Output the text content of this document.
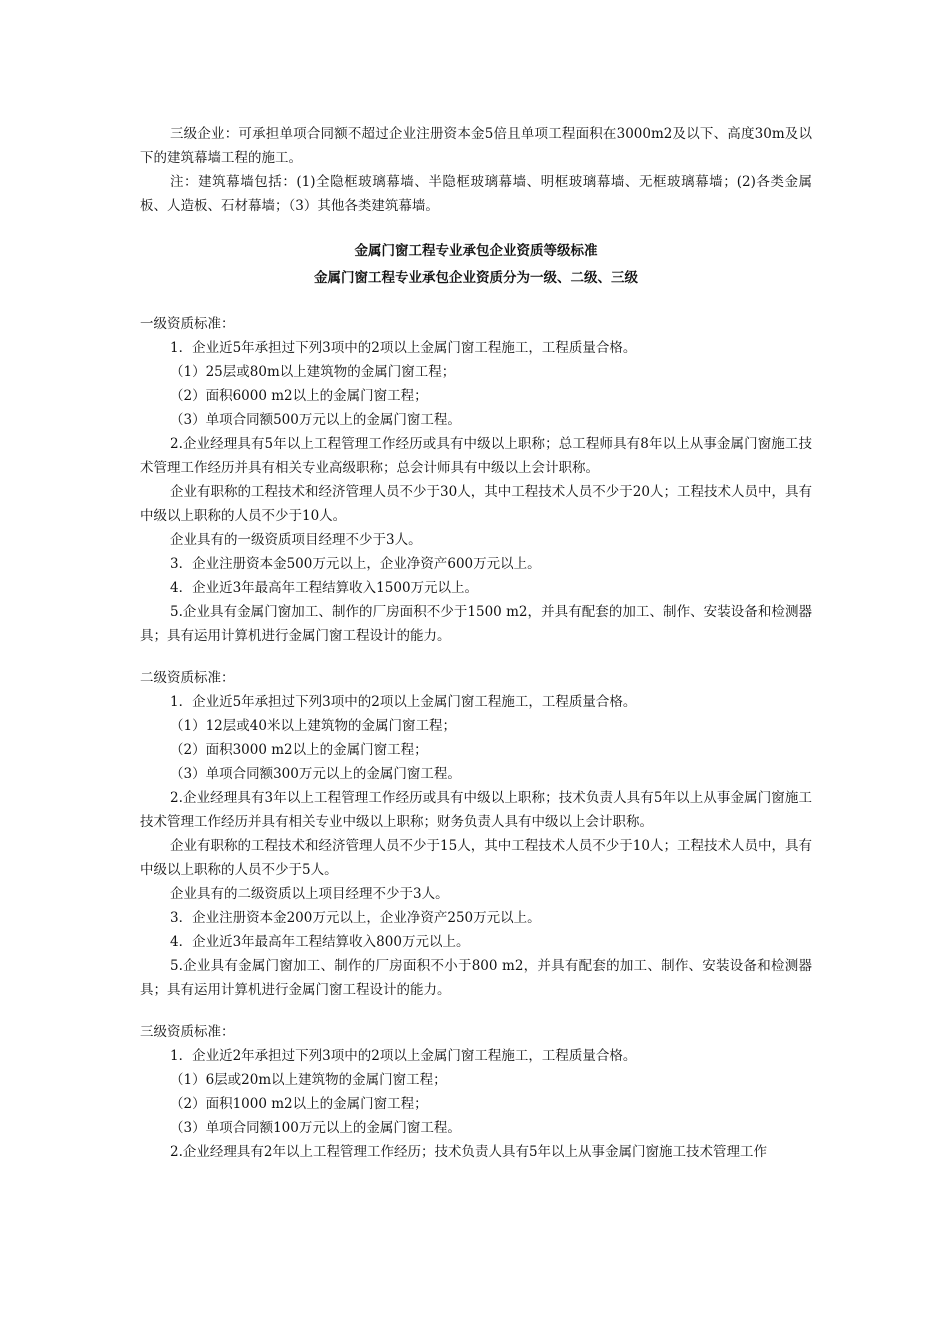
三级企业：可承担单项合同额不超过企业注册资本金5倍且单项工程面积在3000m2及以下、高度30m及以下的建筑幕墙工程的施工。

注：建筑幕墙包括：(1)全隐框玻璃幕墙、半隐框玻璃幕墙、明框玻璃幕墙、无框玻璃幕墙；(2)各类金属板、人造板、石材幕墙；（3）其他各类建筑幕墙。

金属门窗工程专业承包企业资质等级标准
金属门窗工程专业承包企业资质分为一级、二级、三级

一级资质标准：

1．企业近5年承担过下列3项中的2项以上金属门窗工程施工，工程质量合格。

（1）25层或80m以上建筑物的金属门窗工程；

（2）面积6000 m2以上的金属门窗工程；

（3）单项合同额500万元以上的金属门窗工程。

2.企业经理具有5年以上工程管理工作经历或具有中级以上职称；总工程师具有8年以上从事金属门窗施工技术管理工作经历并具有相关专业高级职称；总会计师具有中级以上会计职称。

企业有职称的工程技术和经济管理人员不少于30人，其中工程技术人员不少于20人；工程技术人员中，具有中级以上职称的人员不少于10人。

企业具有的一级资质项目经理不少于3人。

3．企业注册资本金500万元以上，企业净资产600万元以上。

4．企业近3年最高年工程结算收入1500万元以上。

5.企业具有金属门窗加工、制作的厂房面积不少于1500 m2，并具有配套的加工、制作、安装设备和检测器具；具有运用计算机进行金属门窗工程设计的能力。

二级资质标准：

1．企业近5年承担过下列3项中的2项以上金属门窗工程施工，工程质量合格。

（1）12层或40米以上建筑物的金属门窗工程；

（2）面积3000 m2以上的金属门窗工程；

（3）单项合同额300万元以上的金属门窗工程。

2.企业经理具有3年以上工程管理工作经历或具有中级以上职称；技术负责人具有5年以上从事金属门窗施工技术管理工作经历并具有相关专业中级以上职称；财务负责人具有中级以上会计职称。

企业有职称的工程技术和经济管理人员不少于15人，其中工程技术人员不少于10人；工程技术人员中，具有中级以上职称的人员不少于5人。

企业具有的二级资质以上项目经理不少于3人。

3．企业注册资本金200万元以上，企业净资产250万元以上。

4．企业近3年最高年工程结算收入800万元以上。

5.企业具有金属门窗加工、制作的厂房面积不小于800 m2，并具有配套的加工、制作、安装设备和检测器具；具有运用计算机进行金属门窗工程设计的能力。

三级资质标准：

1．企业近2年承担过下列3项中的2项以上金属门窗工程施工，工程质量合格。

（1）6层或20m以上建筑物的金属门窗工程；

（2）面积1000 m2以上的金属门窗工程；

（3）单项合同额100万元以上的金属门窗工程。

2.企业经理具有2年以上工程管理工作经历；技术负责人具有5年以上从事金属门窗施工技术管理工作
